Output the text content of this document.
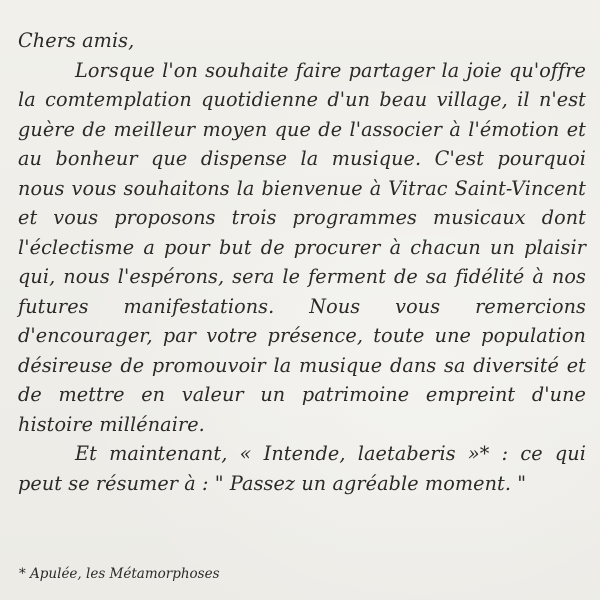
Chers amis,

Lorsque l'on souhaite faire partager la joie qu'offre la comtemplation quotidienne d'un beau village, il n'est guère de meilleur moyen que de l'associer à l'émotion et au bonheur que dispense la musique. C'est pourquoi nous vous souhaitons la bienvenue à Vitrac Saint-Vincent et vous proposons trois programmes musicaux dont l'éclectisme a pour but de procurer à chacun un plaisir qui, nous l'espérons, sera le ferment de sa fidélité à nos futures manifestations. Nous vous remercions d'encourager, par votre présence, toute une population désireuse de promouvoir la musique dans sa diversité et de mettre en valeur un patrimoine empreint d'une histoire millénaire.

Et maintenant, « Intende, laetaberis »* : ce qui peut se résumer à : " Passez un agréable moment. "

* Apulée, les Métamorphoses
